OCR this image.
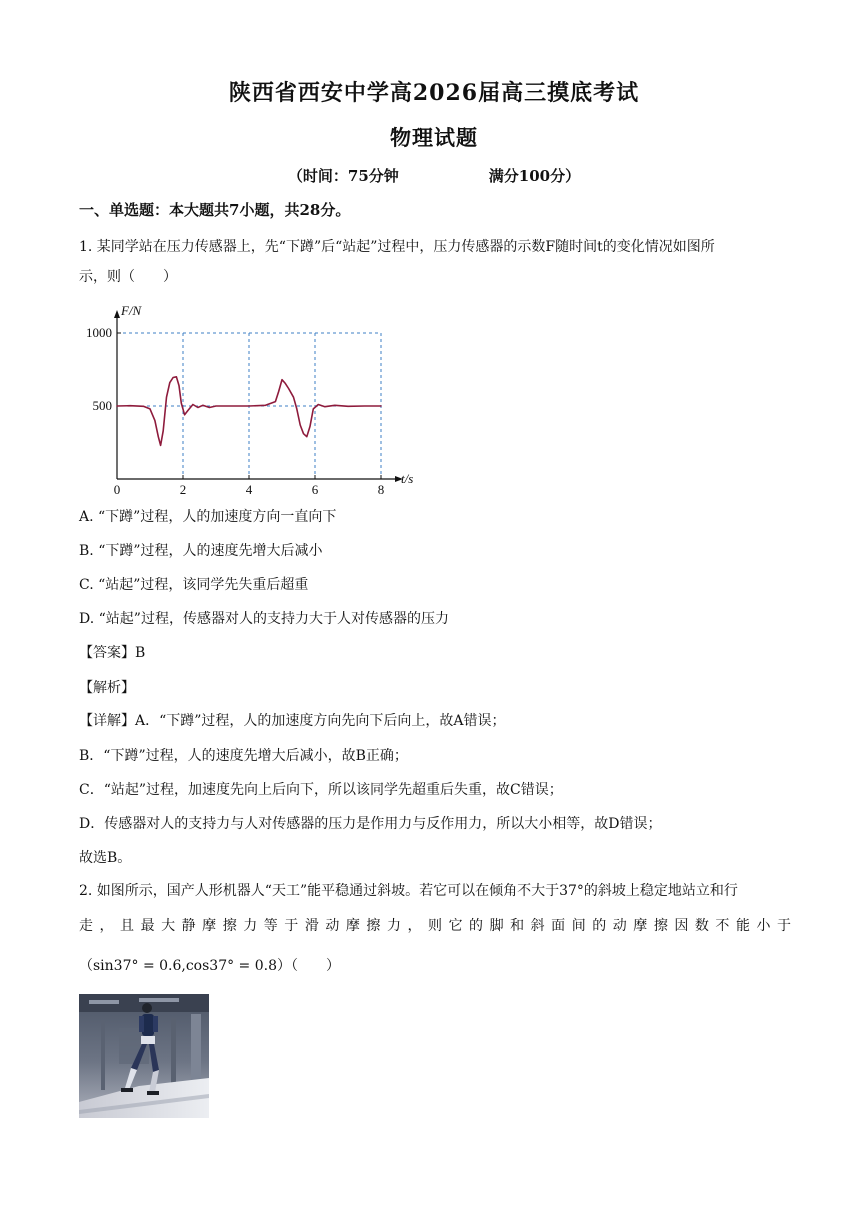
陕西省西安中学高2026届高三摸底考试
物理试题
（时间：75分钟	满分100分）
一、单选题：本大题共7小题，共28分。
1. 某同学站在压力传感器上，先“下蹲”后“站起”过程中，压力传感器的示数F随时间t的变化情况如图所
示，则（　　）
0	2	4	6	8
500
1000
F/N
t/s
A. “下蹲”过程，人的加速度方向一直向下
B. “下蹲”过程，人的速度先增大后减小
C. “站起”过程，该同学先失重后超重
D. “站起”过程，传感器对人的支持力大于人对传感器的压力
【答案】B
【解析】
【详解】A．“下蹲”过程，人的加速度方向先向下后向上，故A错误；
B．“下蹲”过程，人的速度先增大后减小，故B正确；
C．“站起”过程，加速度先向上后向下，所以该同学先超重后失重，故C错误；
D．传感器对人的支持力与人对传感器的压力是作用力与反作用力，所以大小相等，故D错误；
故选B。
2. 如图所示，国产人形机器人“天工”能平稳通过斜坡。若它可以在倾角不大于37°的斜坡上稳定地站立和行
走，且最大静摩擦力等于滑动摩擦力，则它的脚和斜面间的动摩擦因数不能小于
（sin37° = 0.6,cos37° = 0.8）（　　）
